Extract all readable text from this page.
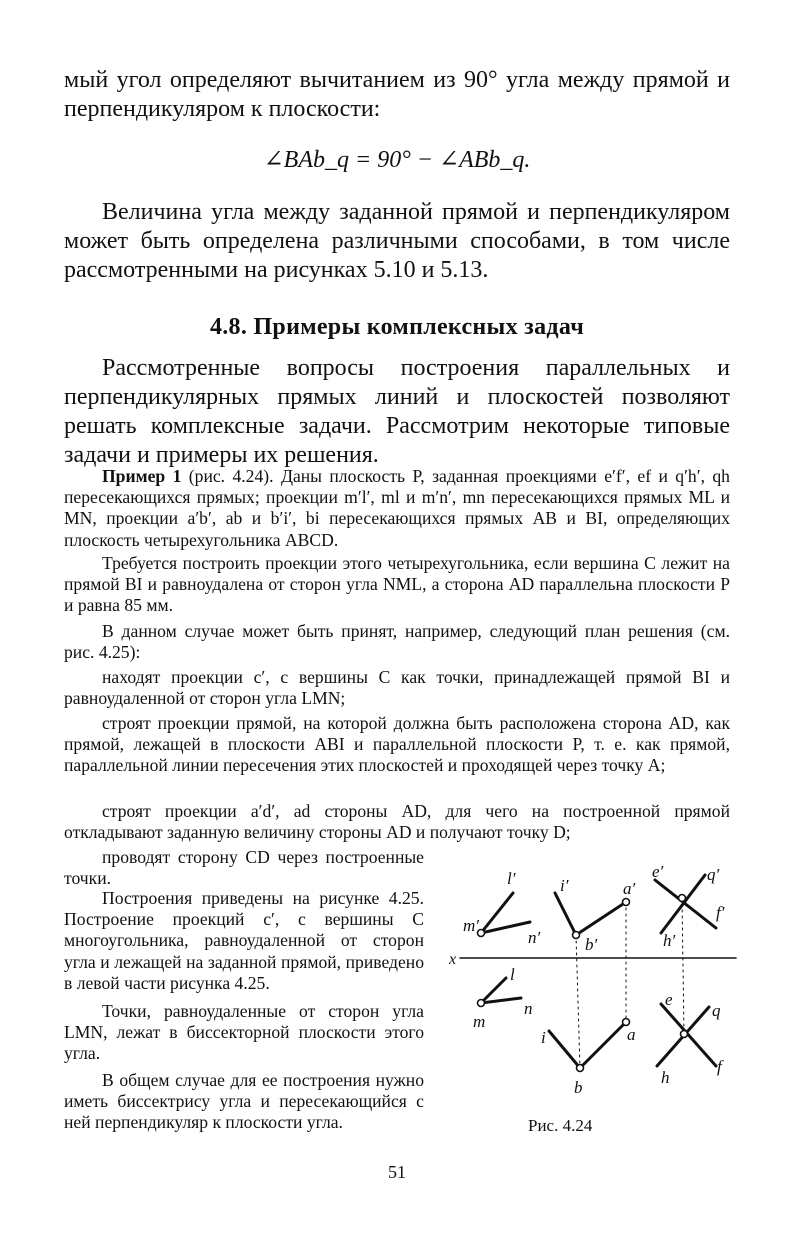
мый угол определяют вычитанием из 90° угла между прямой и перпендикуляром к плоскости:
∠BAb_q = 90° − ∠ABb_q.
Величина угла между заданной прямой и перпендикуляром может быть определена различными способами, в том числе рассмотренными на рисунках 5.10 и 5.13.
4.8. Примеры комплексных задач
Рассмотренные вопросы построения параллельных и перпендикулярных прямых линий и плоскостей позволяют решать комплексные задачи. Рассмотрим некоторые типовые задачи и примеры их решения.
Пример 1 (рис. 4.24). Даны плоскость P, заданная проекциями e′f′, ef и q′h′, qh пересекающихся прямых; проекции m′l′, ml и m′n′, mn пересекающихся прямых ML и MN, проекции a′b′, ab и b′i′, bi пересекающихся прямых AB и BI, определяющих плоскость четырехугольника ABCD.
Требуется построить проекции этого четырехугольника, если вершина C лежит на прямой BI и равноудалена от сторон угла NML, а сторона AD параллельна плоскости P и равна 85 мм.
В данном случае может быть принят, например, следующий план решения (см. рис. 4.25):
находят проекции c′, c вершины C как точки, принадлежащей прямой BI и равноудаленной от сторон угла LMN;
строят проекции прямой, на которой должна быть расположена сторона AD, как прямой, лежащей в плоскости ABI и параллельной плоскости P, т. е. как прямой, параллельной линии пересечения этих плоскостей и проходящей через точку A;
строят проекции a′d′, ad стороны AD, для чего на построенной прямой откладывают заданную величину стороны AD и получают точку D;
проводят сторону CD через построенные точки.
Построения приведены на рисунке 4.25. Построение проекций c′, c вершины C многоугольника, равноудаленной от сторон угла и лежащей на заданной прямой, приведено в левой части рисунка 4.25.
Точки, равноудаленные от сторон угла LMN, лежат в биссекторной плоскости этого угла.
В общем случае для ее построения нужно иметь биссектрису угла и пересекающийся с ней перпендикуляр к плоскости угла.
l′
m′
n′
x
l
m
n
i′	a′
b′
i	a
b
e′	q′
f′
h′
e
q
f
h
Рис. 4.24
51
